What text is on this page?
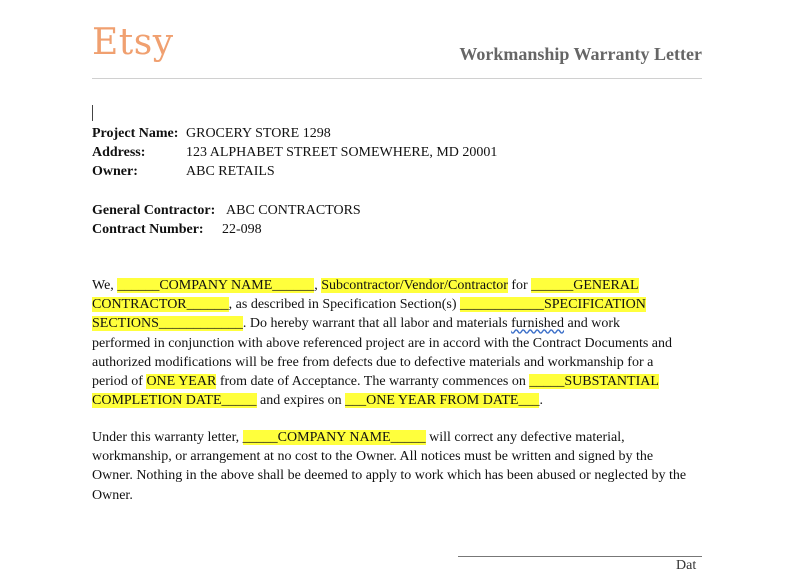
Etsy	Workmanship Warranty Letter
Project Name: GROCERY STORE 1298
Address:	123 ALPHABET STREET SOMEWHERE, MD 20001
Owner:	ABC RETAILS
General Contractor: ABC CONTRACTORS
Contract Number: 22-098
We, ______COMPANY NAME______, Subcontractor/Vendor/Contractor for ______GENERAL
CONTRACTOR______, as described in Specification Section(s) ____________SPECIFICATION
SECTIONS____________. Do hereby warrant that all labor and materials furnished and work
performed in conjunction with above referenced project are in accord with the Contract Documents and
authorized modifications will be free from defects due to defective materials and workmanship for a
period of ONE YEAR from date of Acceptance. The warranty commences on _____SUBSTANTIAL
COMPLETION DATE_____ and expires on ___ONE YEAR FROM DATE___.
Under this warranty letter, _____COMPANY NAME_____ will correct any defective material,
workmanship, or arrangement at no cost to the Owner. All notices must be written and signed by the
Owner. Nothing in the above shall be deemed to apply to work which has been abused or neglected by the
Owner.
Dat
